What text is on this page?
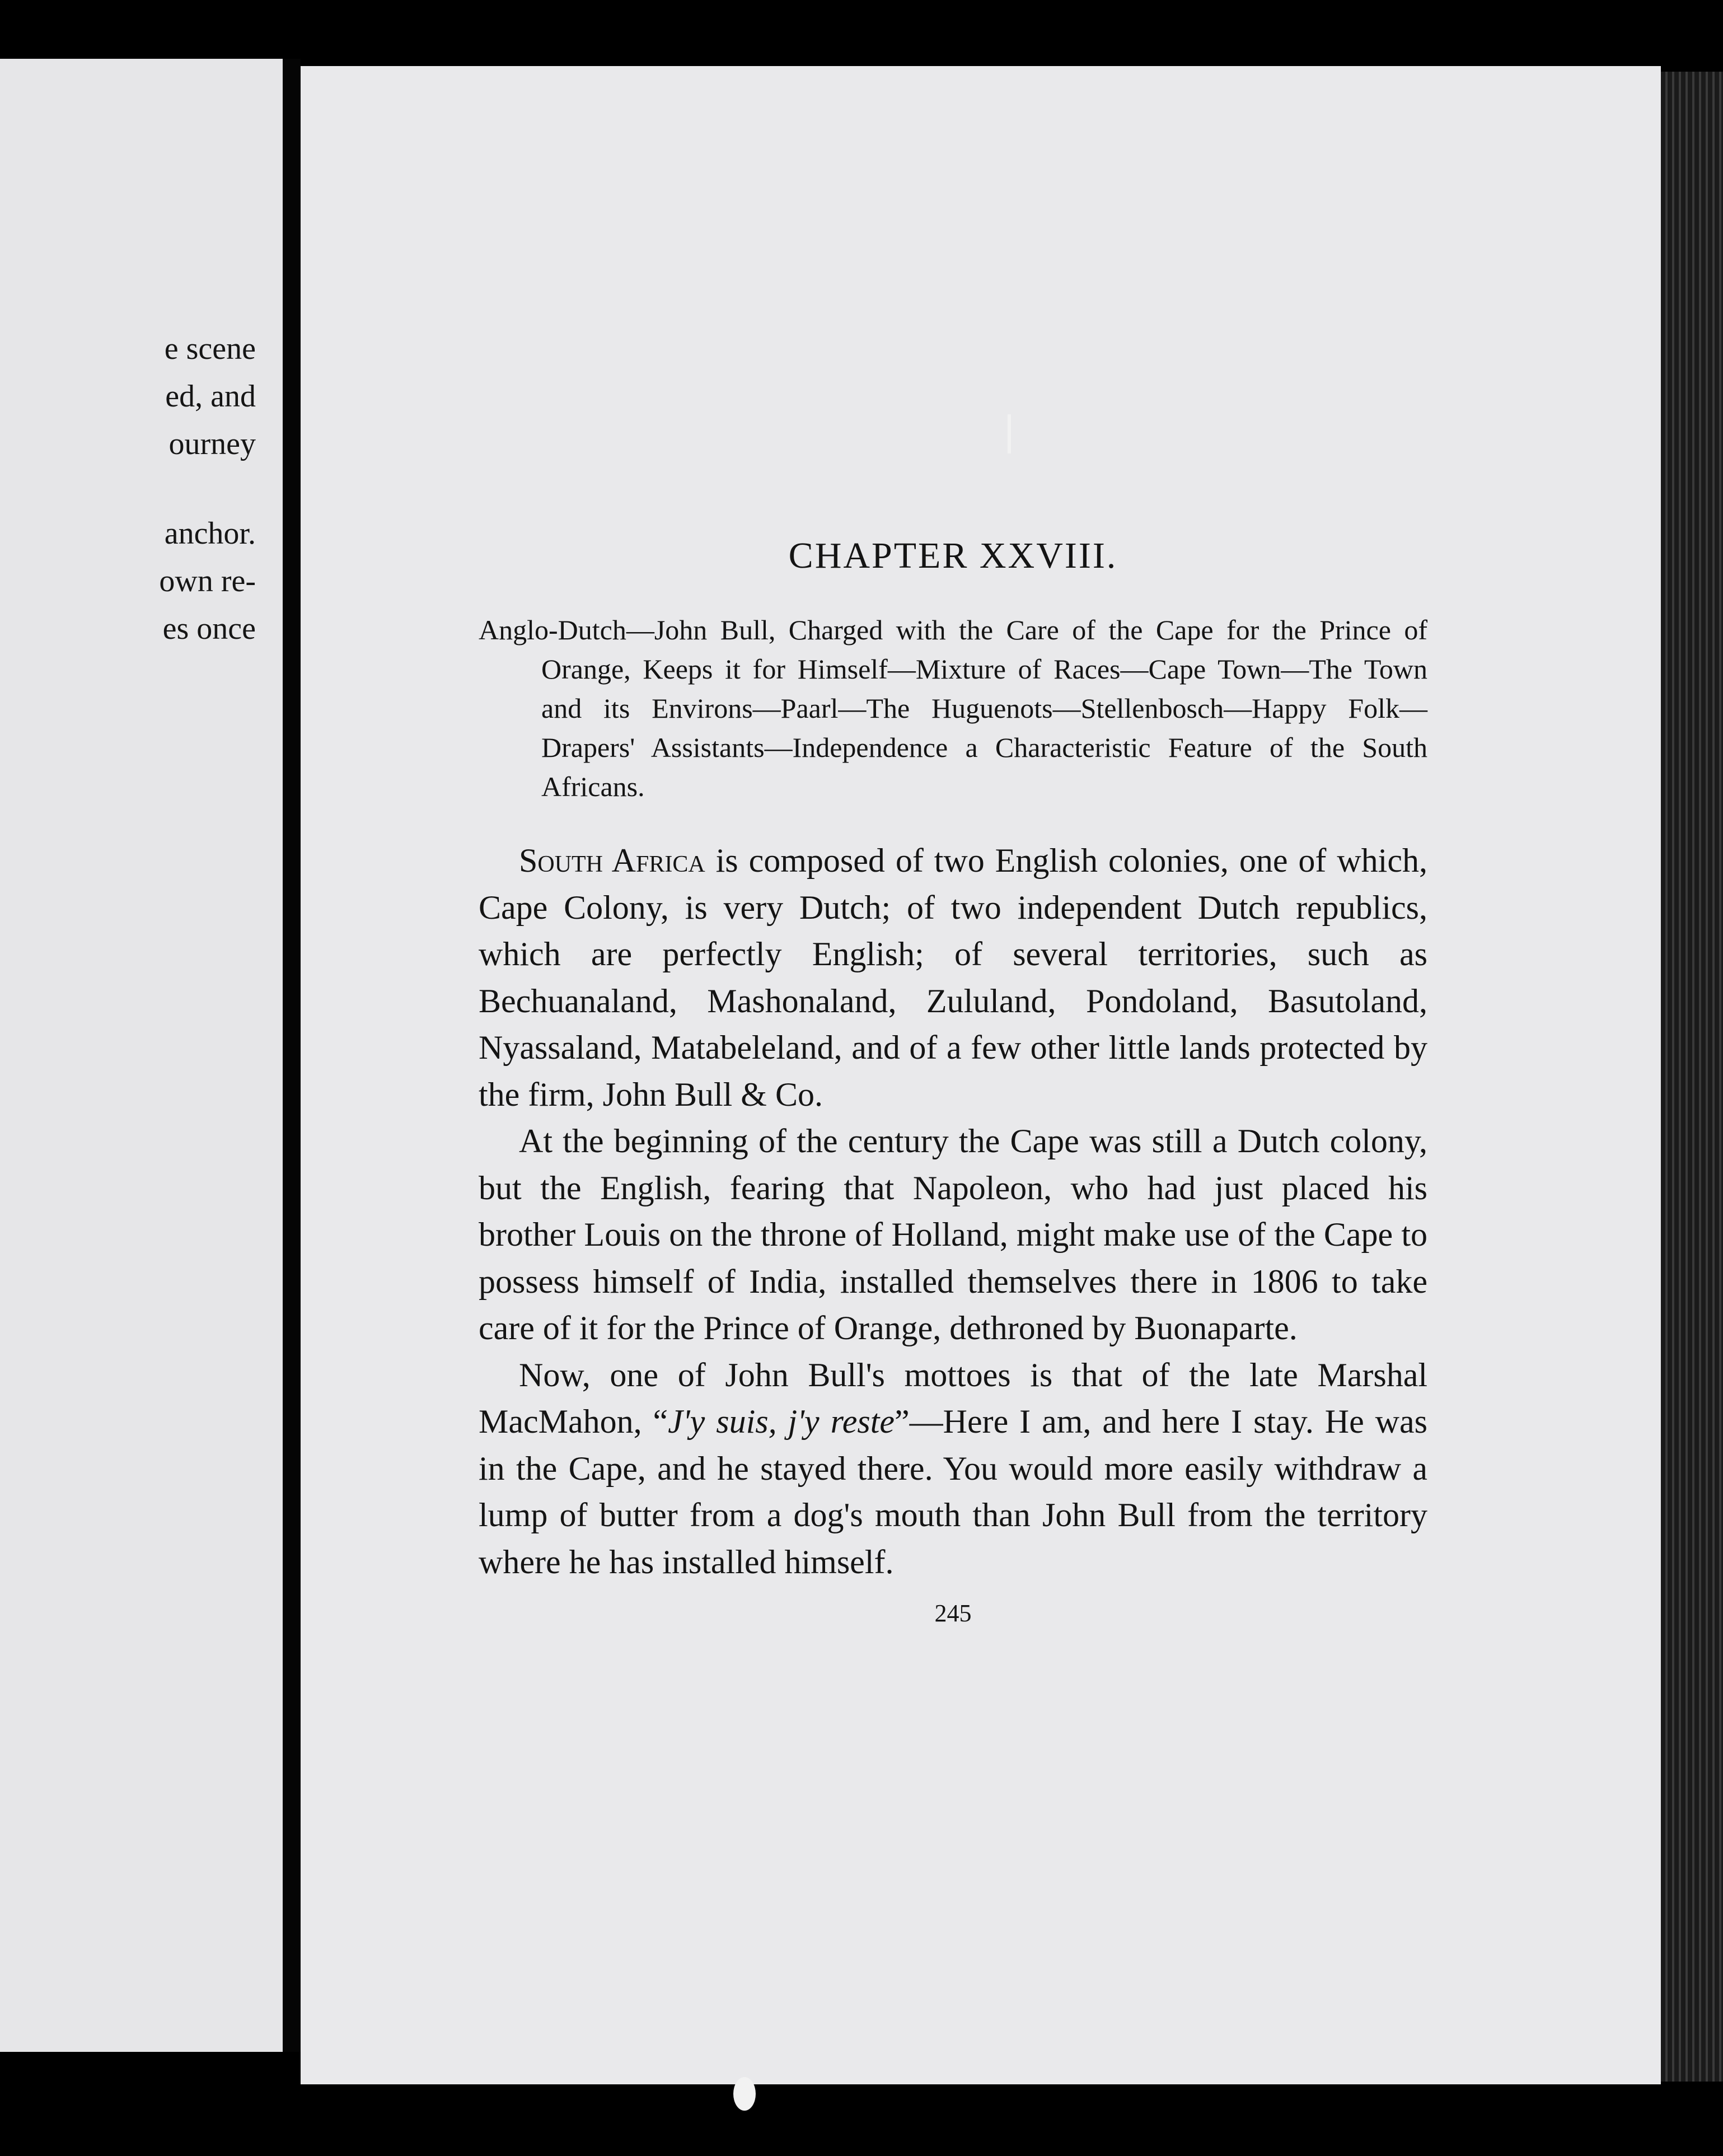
e scene
ed, and
ourney
anchor.
own re-
es once
CHAPTER XXVIII.

Anglo-Dutch—John Bull, Charged with the Care of the Cape for the Prince of Orange, Keeps it for Himself—Mixture of Races—Cape Town—The Town and its Environs—Paarl—The Huguenots—Stellenbosch—Happy Folk—Drapers' Assistants—Independence a Characteristic Feature of the South Africans.

South Africa is composed of two English colonies, one of which, Cape Colony, is very Dutch; of two independent Dutch republics, which are perfectly English; of several territories, such as Bechuanaland, Mashonaland, Zululand, Pondoland, Basutoland, Nyassaland, Matabeleland, and of a few other little lands protected by the firm, John Bull & Co.

At the beginning of the century the Cape was still a Dutch colony, but the English, fearing that Napoleon, who had just placed his brother Louis on the throne of Holland, might make use of the Cape to possess himself of India, installed themselves there in 1806 to take care of it for the Prince of Orange, dethroned by Buonaparte.

Now, one of John Bull's mottoes is that of the late Marshal MacMahon, “J'y suis, j'y reste”—Here I am, and here I stay. He was in the Cape, and he stayed there. You would more easily withdraw a lump of butter from a dog's mouth than John Bull from the territory where he has installed himself.

245
